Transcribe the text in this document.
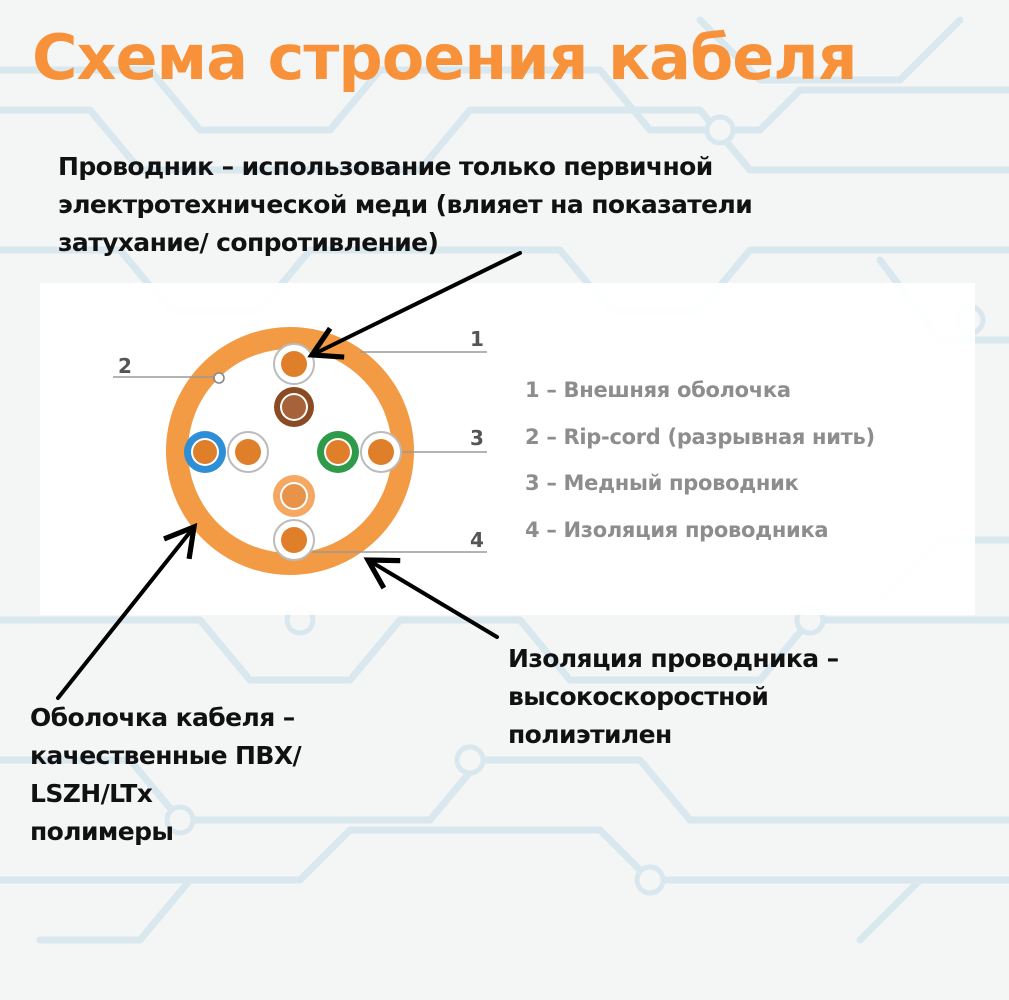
Схема строения кабеля
1
2
3
4

Проводник – использование только первичной
электротехнической меди (влияет на показатели
затухание/ сопротивление)

Изоляция проводника –
высокоскоростной
полиэтилен

Оболочка кабеля –
качественные ПВХ/
LSZH/LTx
полимеры

1 – Внешняя оболочка
2 – Rip-cord (разрывная нить)
3 – Медный проводник
4 – Изоляция проводника
